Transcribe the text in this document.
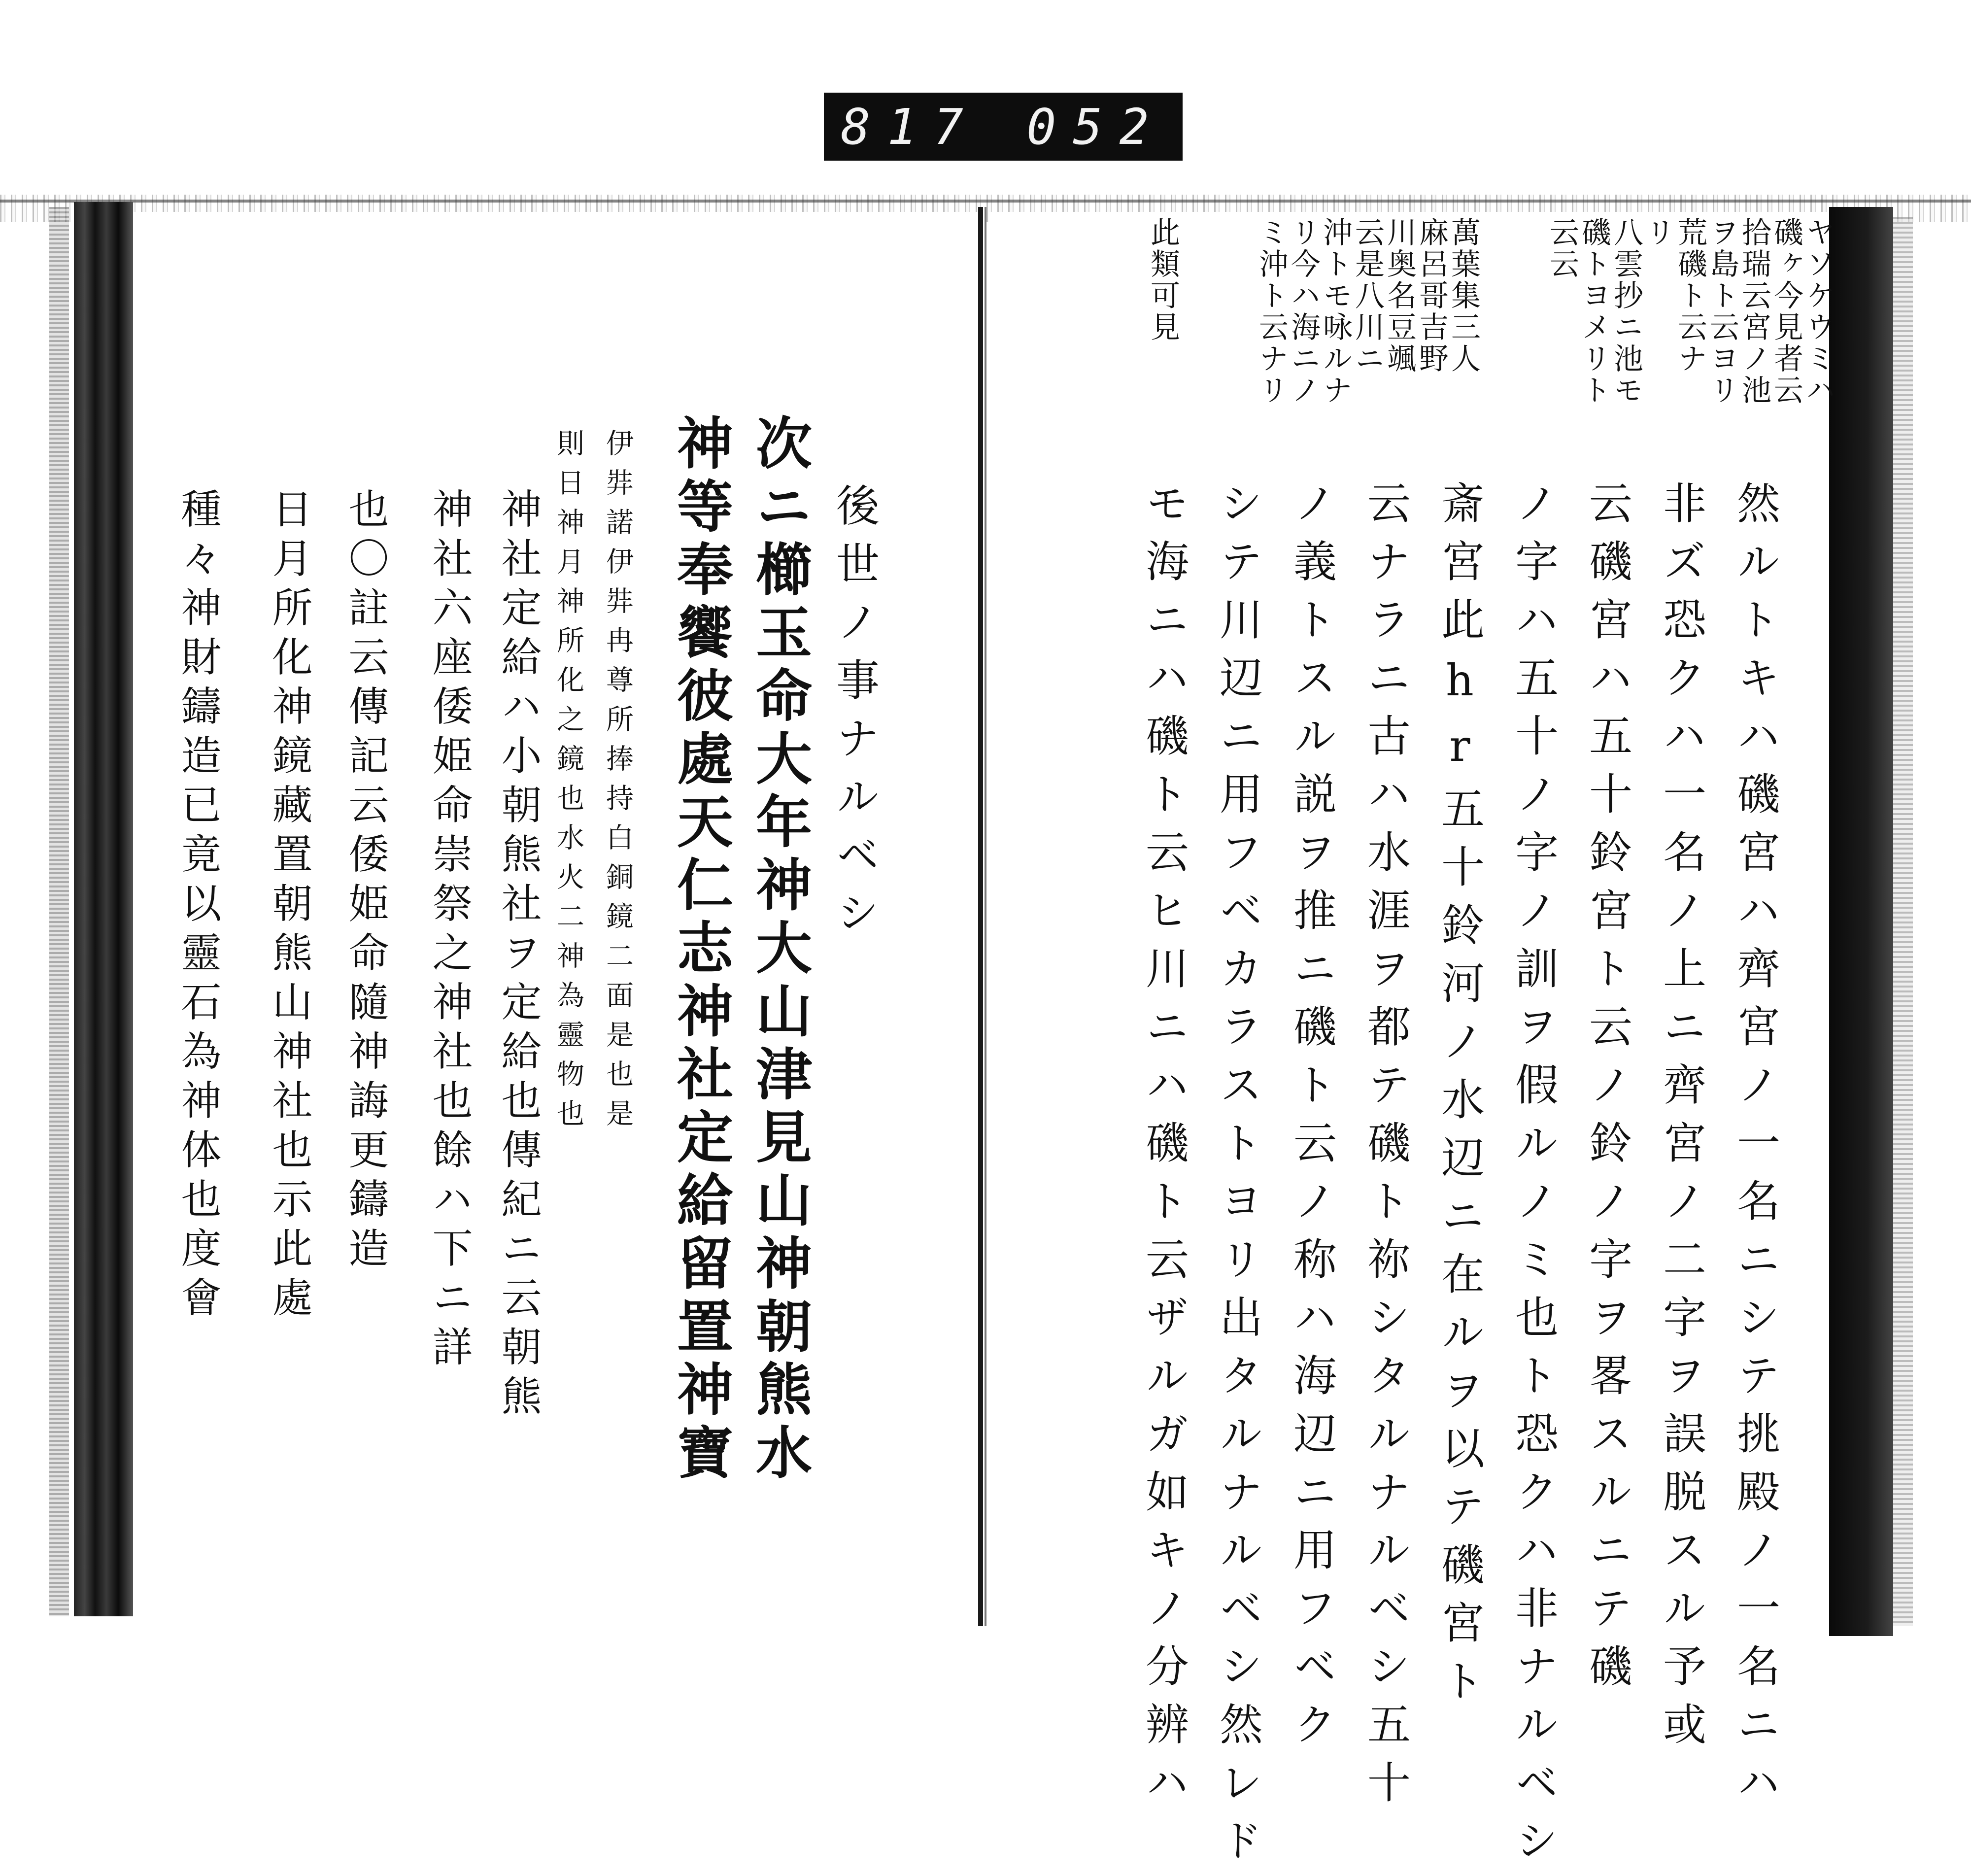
817 052
ヤソケウミハ
磯ヶ今見者云
拾瑞云宮ノ池
ヲ島ト云ヨリ
荒磯ト云ナ
リ
八雲抄ニ池モ
磯トヨメリト
云云
萬葉集三人
麻呂哥吉野
川奥名豆颯
云是八川ニ
沖トモ咏ルナ
リ今ハ海ニノ
ミ沖ト云ナリ
此類可見
然ルトキハ磯宮ハ齊宮ノ一名ニシテ挑殿ノ一名ニハ
非ズ恐クハ一名ノ上ニ齊宮ノ二字ヲ誤脱スル予或
云磯宮ハ五十鈴宮ト云ノ鈴ノ字ヲ畧スルニテ磯
ノ字ハ五十ノ字ノ訓ヲ假ルノミ也ト恐クハ非ナルベシ
斎宮此hr五十鈴河ノ水辺ニ在ルヲ以テ磯宮ト
云ナラニ古ハ水涯ヲ都テ磯ト祢シタルナルベシ五十
ノ義トスル説ヲ推ニ磯ト云ノ称ハ海辺ニ用フベク
シテ川辺ニ用フベカラストヨリ出タルナルベシ然レド
モ海ニハ磯ト云ヒ川ニハ磯ト云ザルガ如キノ分辨ハ
後世ノ事ナルベシ
次ニ櫛玉命大年神大山津見山神朝熊水
神等奉饗彼處天仁志神社定給留置神寶
伊弉諾伊弉冉尊所捧持白銅鏡二面是也是
則日神月神所化之鏡也水火二神為靈物也
神社定給ハ小朝熊社ヲ定給也傳紀ニ云朝熊
神社六座倭姫命崇祭之神社也餘ハ下ニ詳
也〇註云傳記云倭姫命隨神誨更鑄造
日月所化神鏡藏置朝熊山神社也示此處
種々神財鑄造已竟以靈石為神体也度會
